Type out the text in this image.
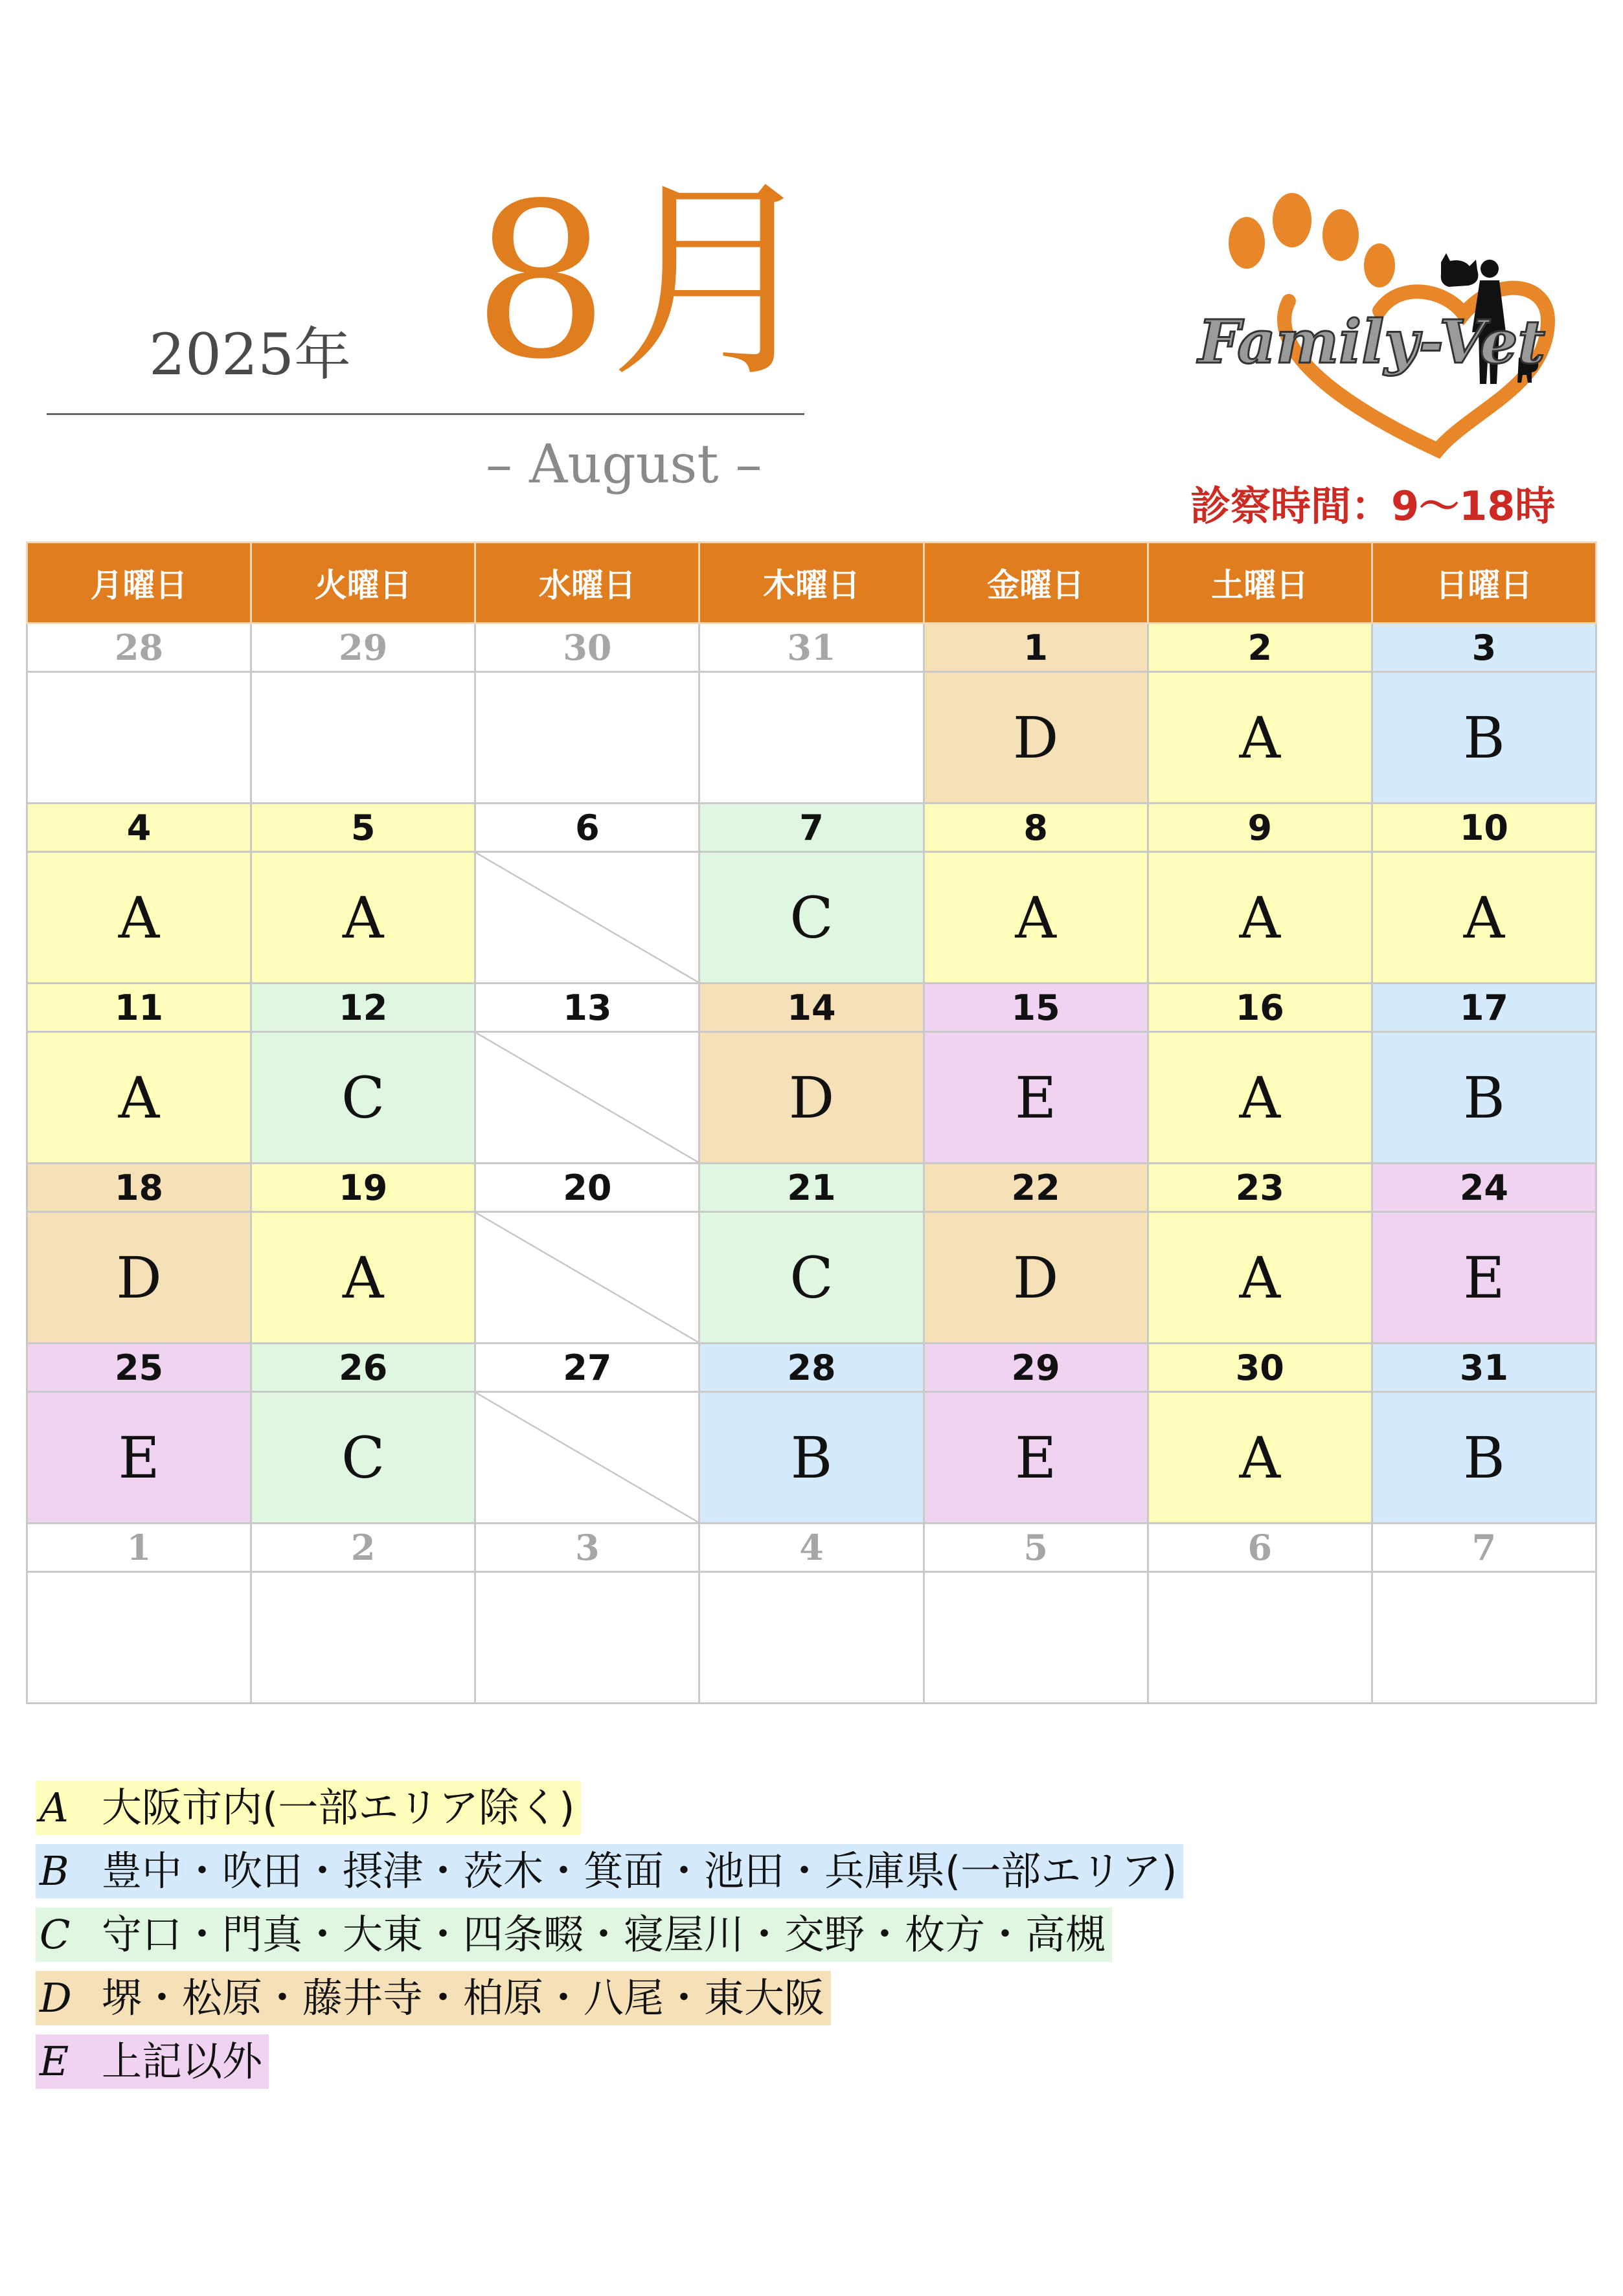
2025年 8月
– August –
Family-Vet
診察時間：9〜18時
月曜日	火曜日	水曜日	木曜日	金曜日	土曜日	日曜日
28	29	30	31	1	2	3
				D	A	B
4	5	6	7	8	9	10
A	A		C	A	A	A
11	12	13	14	15	16	17
A	C		D	E	A	B
18	19	20	21	22	23	24
D	A		C	D	A	E
25	26	27	28	29	30	31
E	C		B	E	A	B
1	2	3	4	5	6	7

A 大阪市内(一部エリア除く)
B 豊中・吹田・摂津・茨木・箕面・池田・兵庫県(一部エリア)
C 守口・門真・大東・四条畷・寝屋川・交野・枚方・高槻
D 堺・松原・藤井寺・柏原・八尾・東大阪
E 上記以外
